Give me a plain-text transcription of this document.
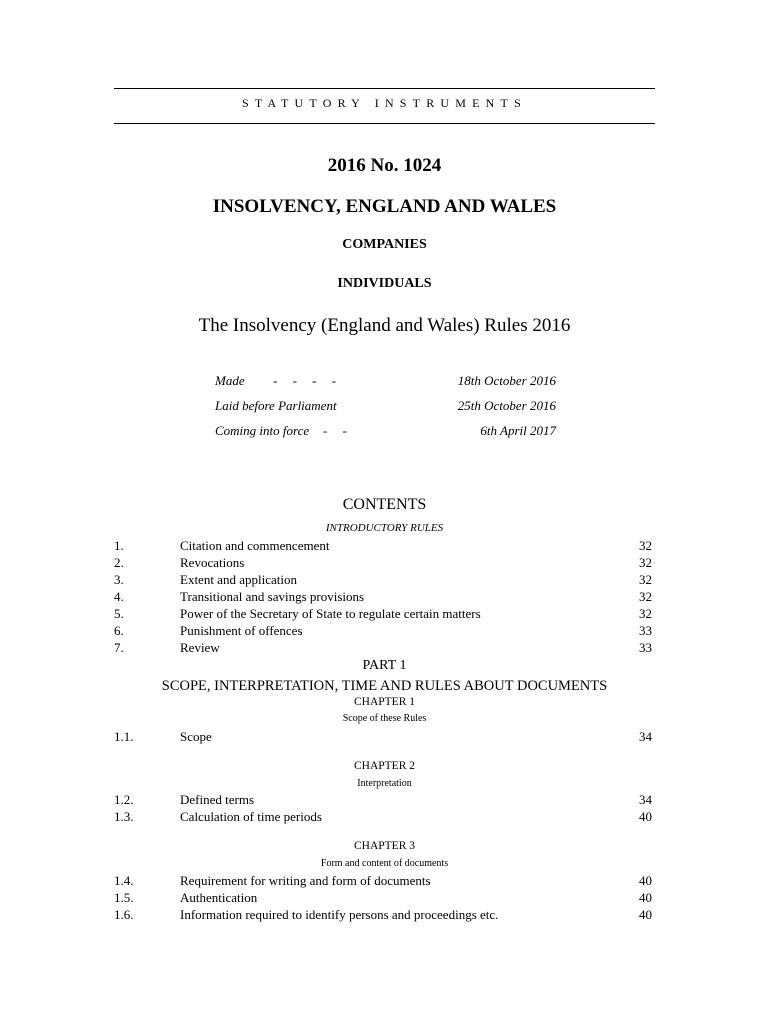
STATUTORY INSTRUMENTS
2016 No. 1024
INSOLVENCY, ENGLAND AND WALES
COMPANIES
INDIVIDUALS
The Insolvency (England and Wales) Rules 2016
Made - - - -	18th October 2016
Laid before Parliament	25th October 2016
Coming into force - -	6th April 2017
CONTENTS
INTRODUCTORY RULES
1.	Citation and commencement	32
2.	Revocations	32
3.	Extent and application	32
4.	Transitional and savings provisions	32
5.	Power of the Secretary of State to regulate certain matters	32
6.	Punishment of offences	33
7.	Review	33
PART 1
SCOPE, INTERPRETATION, TIME AND RULES ABOUT DOCUMENTS
CHAPTER 1
Scope of these Rules
1.1.	Scope	34
CHAPTER 2
Interpretation
1.2.	Defined terms	34
1.3.	Calculation of time periods	40
CHAPTER 3
Form and content of documents
1.4.	Requirement for writing and form of documents	40
1.5.	Authentication	40
1.6.	Information required to identify persons and proceedings etc.	40
